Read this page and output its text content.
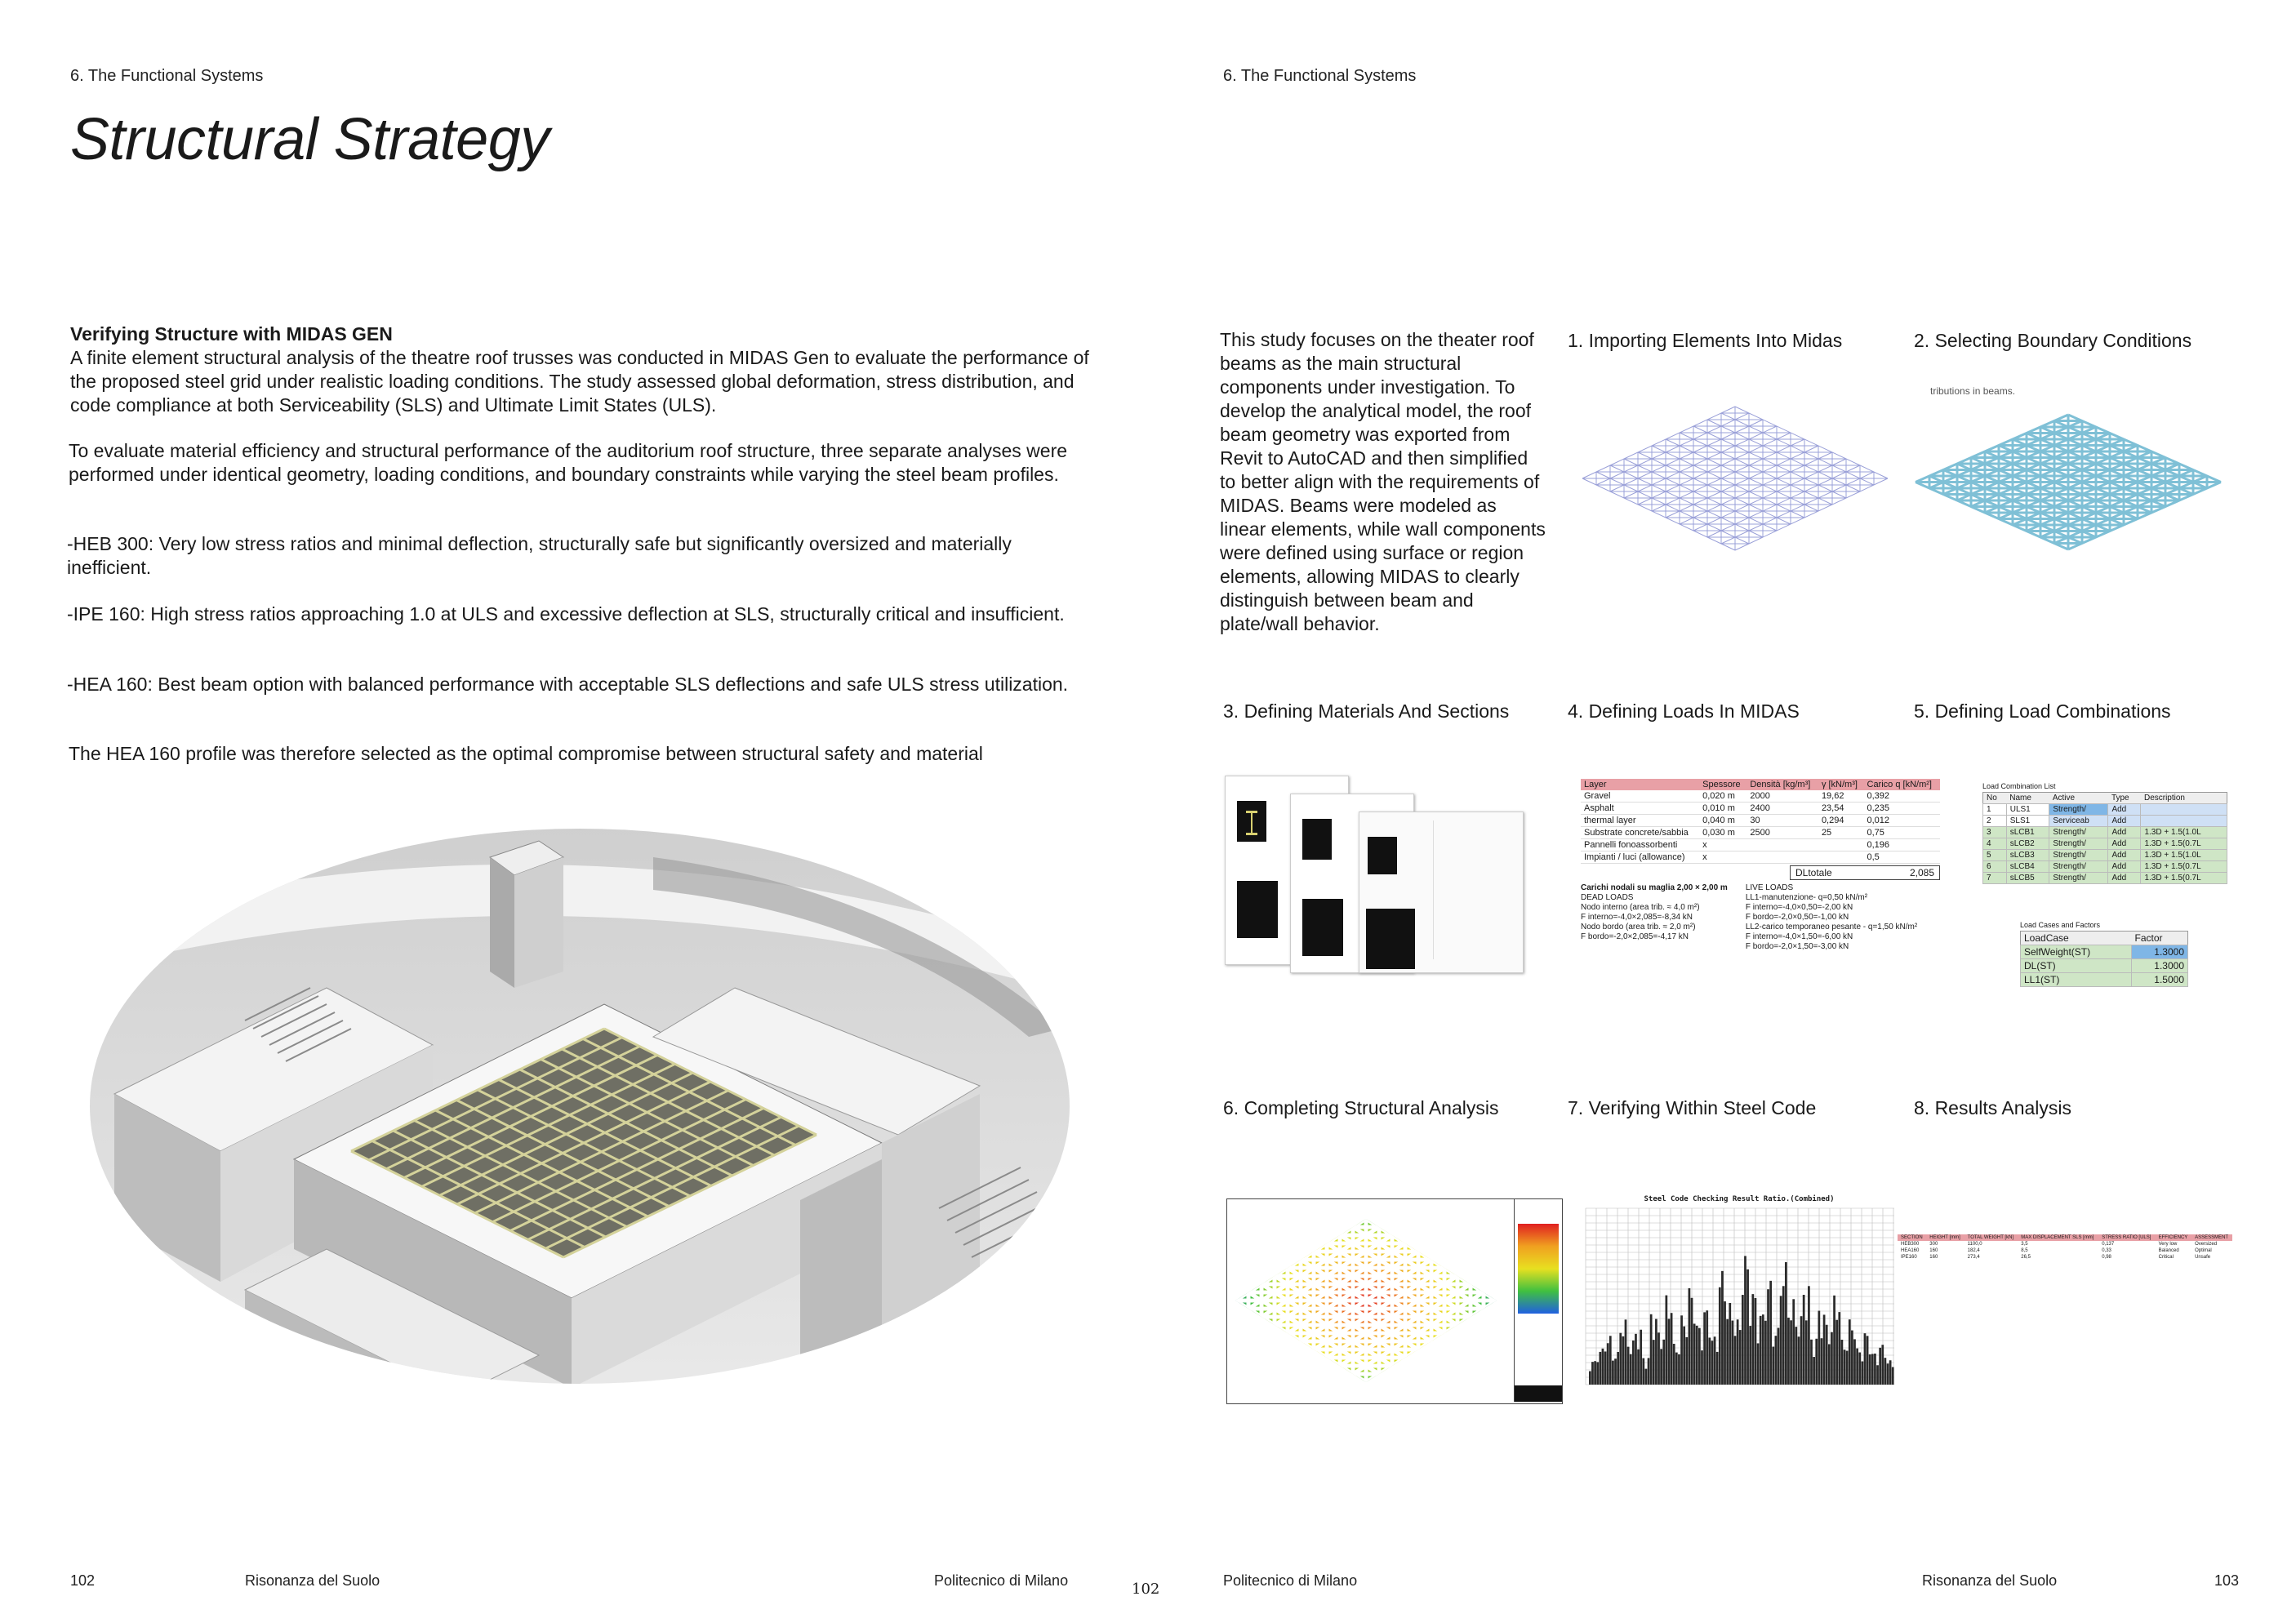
6. The Functional Systems
Structural Strategy
Verifying Structure with MIDAS GEN
A finite element structural analysis of the theatre roof trusses was conducted in MIDAS Gen to evaluate the performance of the proposed steel grid under realistic loading conditions. The study assessed global deformation, stress distribution, and code compliance at both Serviceability (SLS) and Ultimate Limit States (ULS).
To evaluate material efficiency and structural performance of the auditorium roof structure, three separate analyses were performed under identical geometry, loading conditions, and boundary constraints while varying the steel beam profiles.
-HEB 300: Very low stress ratios and minimal deflection, structurally safe but significantly oversized and materially inefficient.
-IPE 160: High stress ratios approaching 1.0 at ULS and excessive deflection at SLS, structurally critical and insufficient.
-HEA 160: Best beam option with balanced performance with acceptable SLS deflections and safe ULS stress utilization.
The HEA 160 profile was therefore selected as the optimal compromise between structural safety and material
102	Risonanza del Suolo	Politecnico di Milano	102
6. The Functional Systems
This study focuses on the theater roof beams as the main structural components under investigation. To develop the analytical model, the roof beam geometry was exported from Revit to AutoCAD and then simplified to better align with the requirements of MIDAS. Beams were modeled as linear elements, while wall components were defined using surface or region elements, allowing MIDAS to clearly distinguish between beam and plate/wall behavior.
1. Importing Elements Into Midas	2. Selecting Boundary Conditions
3. Defining Materials And Sections	4. Defining Loads In MIDAS	5. Defining Load Combinations
6. Completing Structural Analysis	7. Verifying Within Steel Code	8. Results Analysis
tributions in beams.
Layer	Spessore	Densità [kg/m³]	γ [kN/m³]	Carico q [kN/m²]
Gravel	0,020 m	2000	19,62	0,392
Asphalt	0,010 m	2400	23,54	0,235
thermal layer	0,040 m	30	0,294	0,012
Substrate concrete/sabbia	0,030 m	2500	25	0,75
Pannelli fonoassorbenti	x			0,196
Impianti / luci (allowance)	x			0,5
DLtotale	2,085
Carichi nodali su maglia 2,00 × 2,00 m
DEAD LOADS
Nodo interno (area trib. ≈ 4,0 m²)
F interno=-4,0×2,085=-8,34 kN
Nodo bordo (area trib. ≈ 2,0 m²)
F bordo=-2,0×2,085=-4,17 kN
LIVE LOADS
LL1-manutenzione- q=0,50 kN/m²
F interno=-4,0×0,50=-2,00 kN
F bordo=-2,0×0,50=-1,00 kN
LL2-carico temporaneo pesante - q=1,50 kN/m²
F interno=-4,0×1,50=-6,00 kN
F bordo=-2,0×1,50=-3,00 kN
Load Combination List
No	Name	Active	Type	Description
1	ULS1	Strength/	Add	
2	SLS1	Serviceab	Add	
3	sLCB1	Strength/	Add	1.3D + 1.5(1.0L
4	sLCB2	Strength/	Add	1.3D + 1.5(0.7L
5	sLCB3	Strength/	Add	1.3D + 1.5(1.0L
6	sLCB4	Strength/	Add	1.3D + 1.5(0.7L
7	sLCB5	Strength/	Add	1.3D + 1.5(0.7L
Load Cases and Factors
LoadCase	Factor
SelfWeight(ST)	1.3000
DL(ST)	1.3000
LL1(ST)	1.5000
Steel Code Checking Result Ratio.(Combined)
SECTION	HEIGHT [mm]	TOTAL WEIGHT [kN]	MAX DISPLACEMENT SLS [mm]	STRESS RATIO [ULS]	EFFICIENCY	ASSESSMENT
HEB300	300	1100,0	3,5	0,137	Very low	Oversized
HEA160	160	182,4	8,5	0,33	Balanced	Optimal
IPE160	160	273,4	26,5	0,98	Critical	Unsafe
Politecnico di Milano	Risonanza del Suolo	103
